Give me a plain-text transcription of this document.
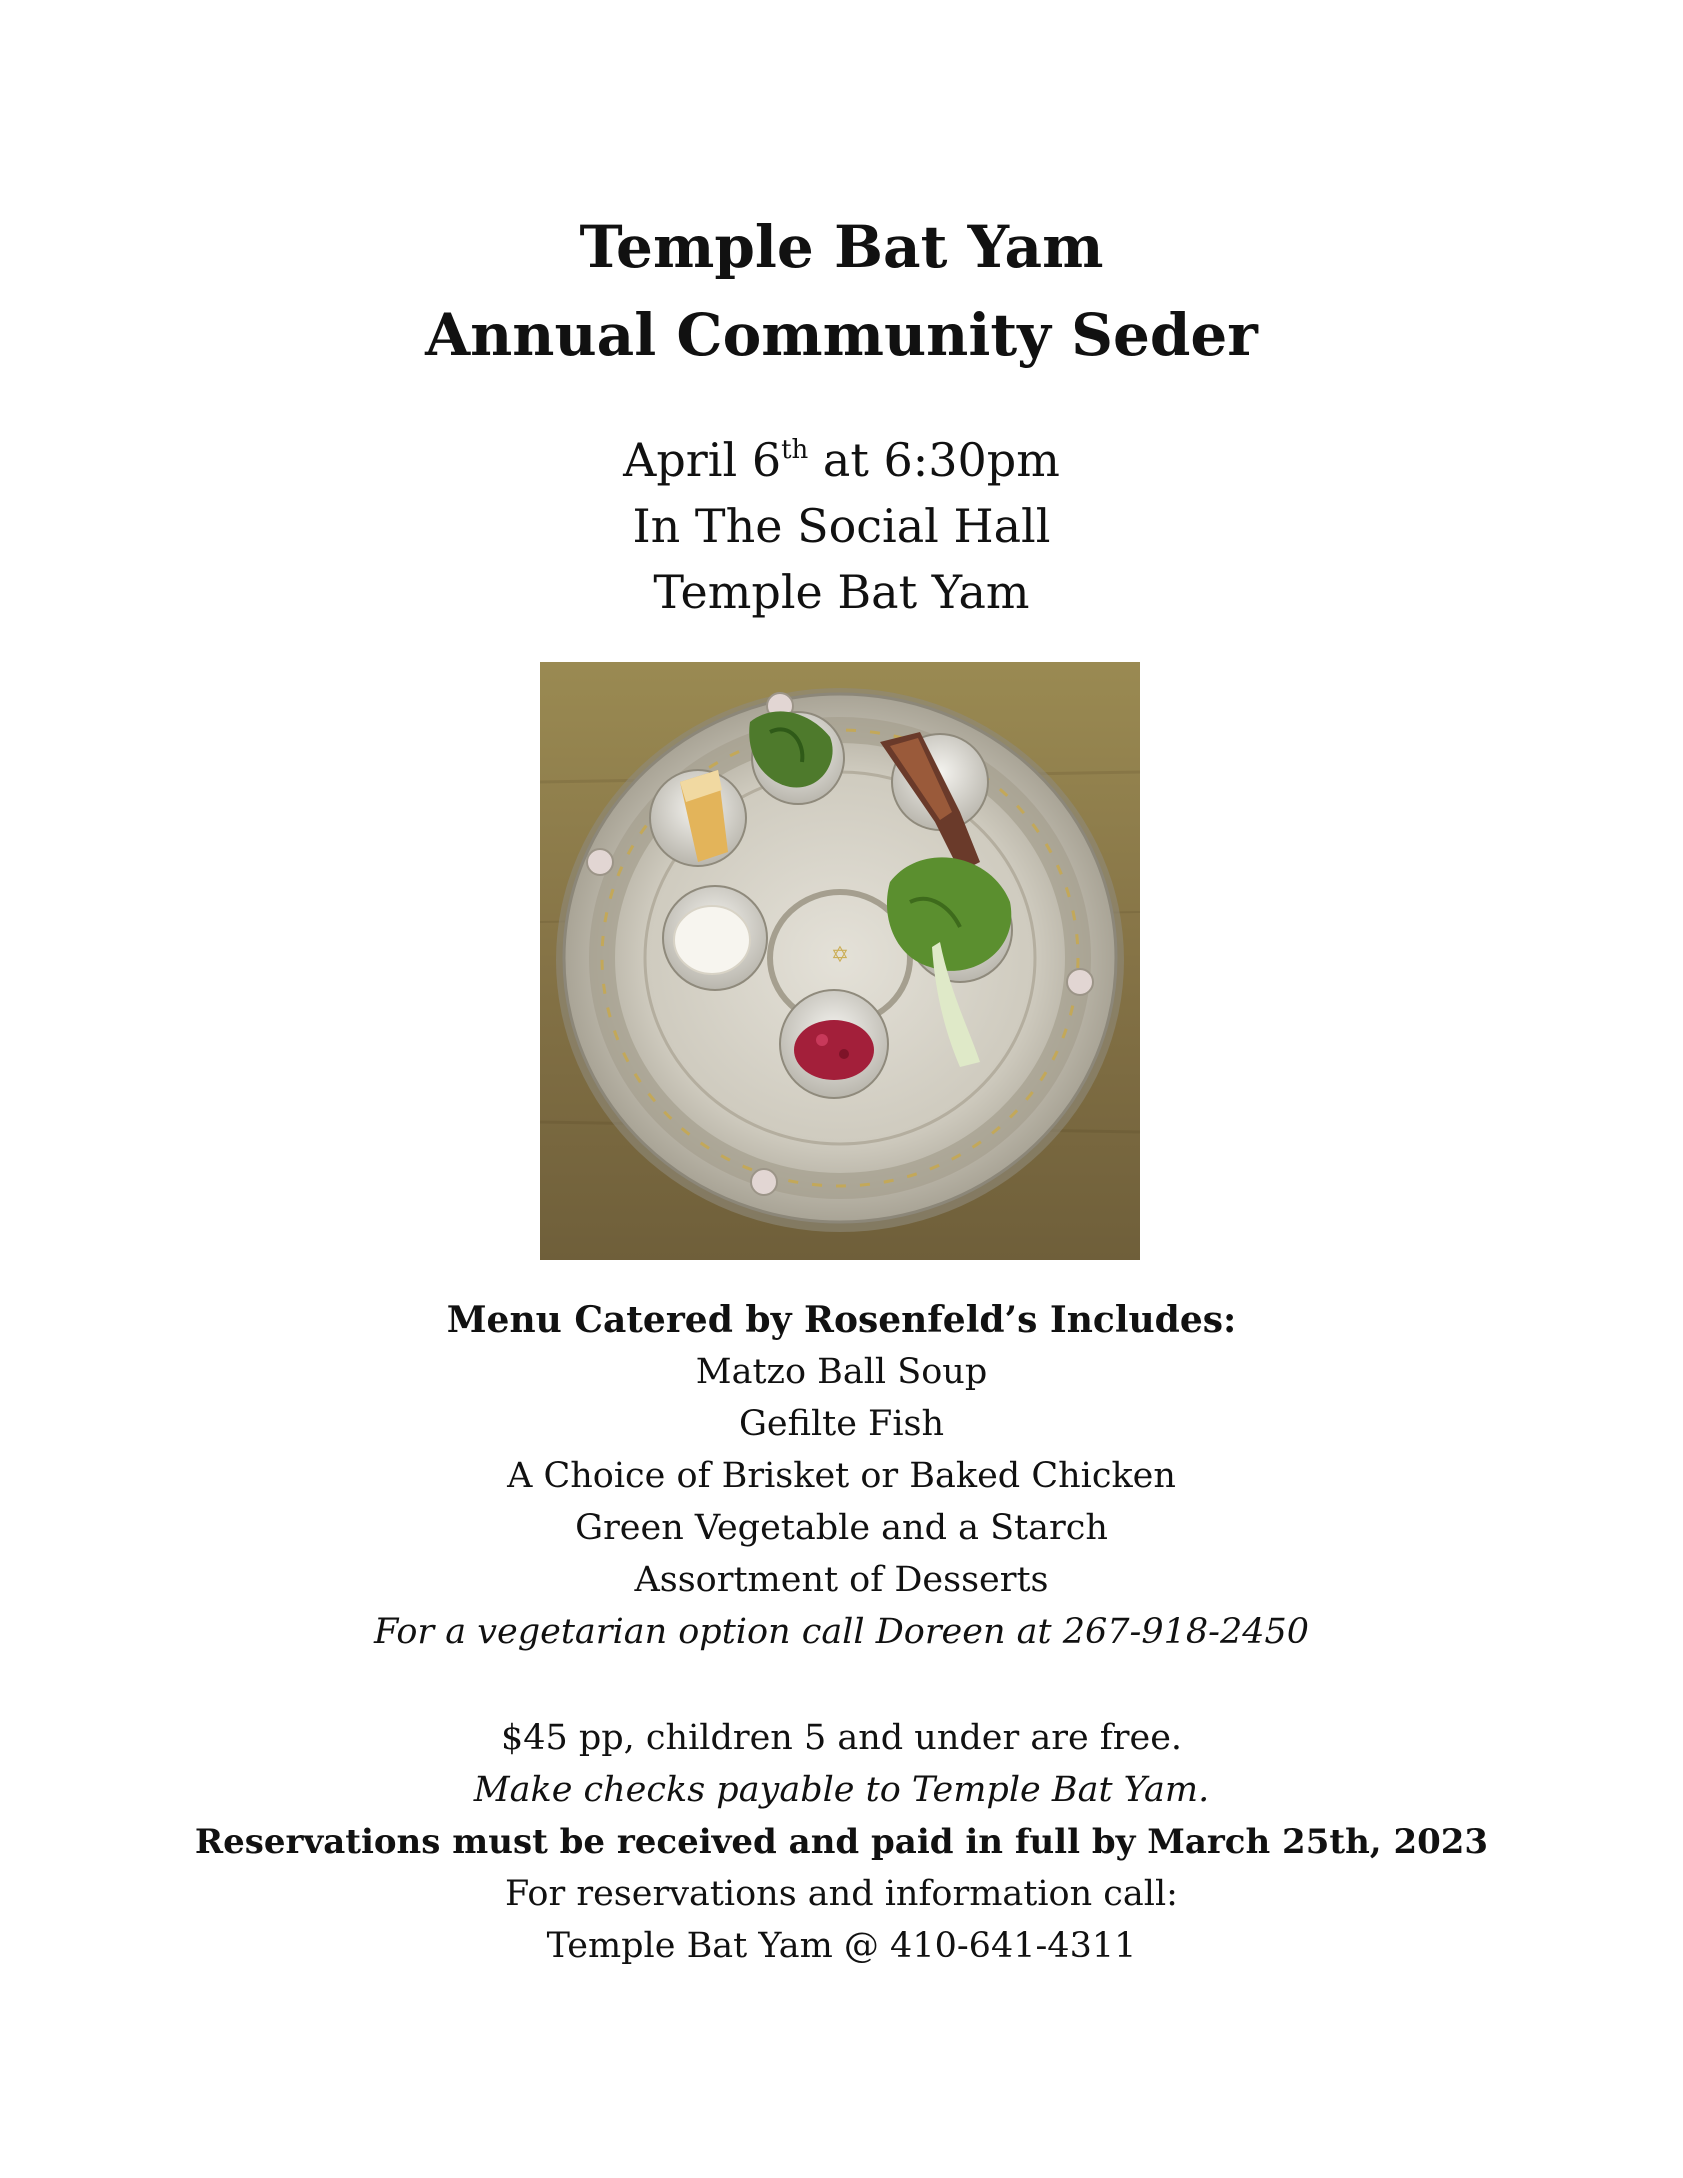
Temple Bat Yam
Annual Community Seder

April 6th at 6:30pm

In The Social Hall

Temple Bat Yam

✡

Menu Catered by Rosenfeld’s Includes:

Matzo Ball Soup
Gefilte Fish
A Choice of Brisket or Baked Chicken
Green Vegetable and a Starch
Assortment of Desserts

For a vegetarian option call Doreen at 267-918-2450

$45 pp, children 5 and under are free.

Make checks payable to Temple Bat Yam.

Reservations must be received and paid in full by March 25th, 2023

For reservations and information call:

Temple Bat Yam @ 410-641-4311
